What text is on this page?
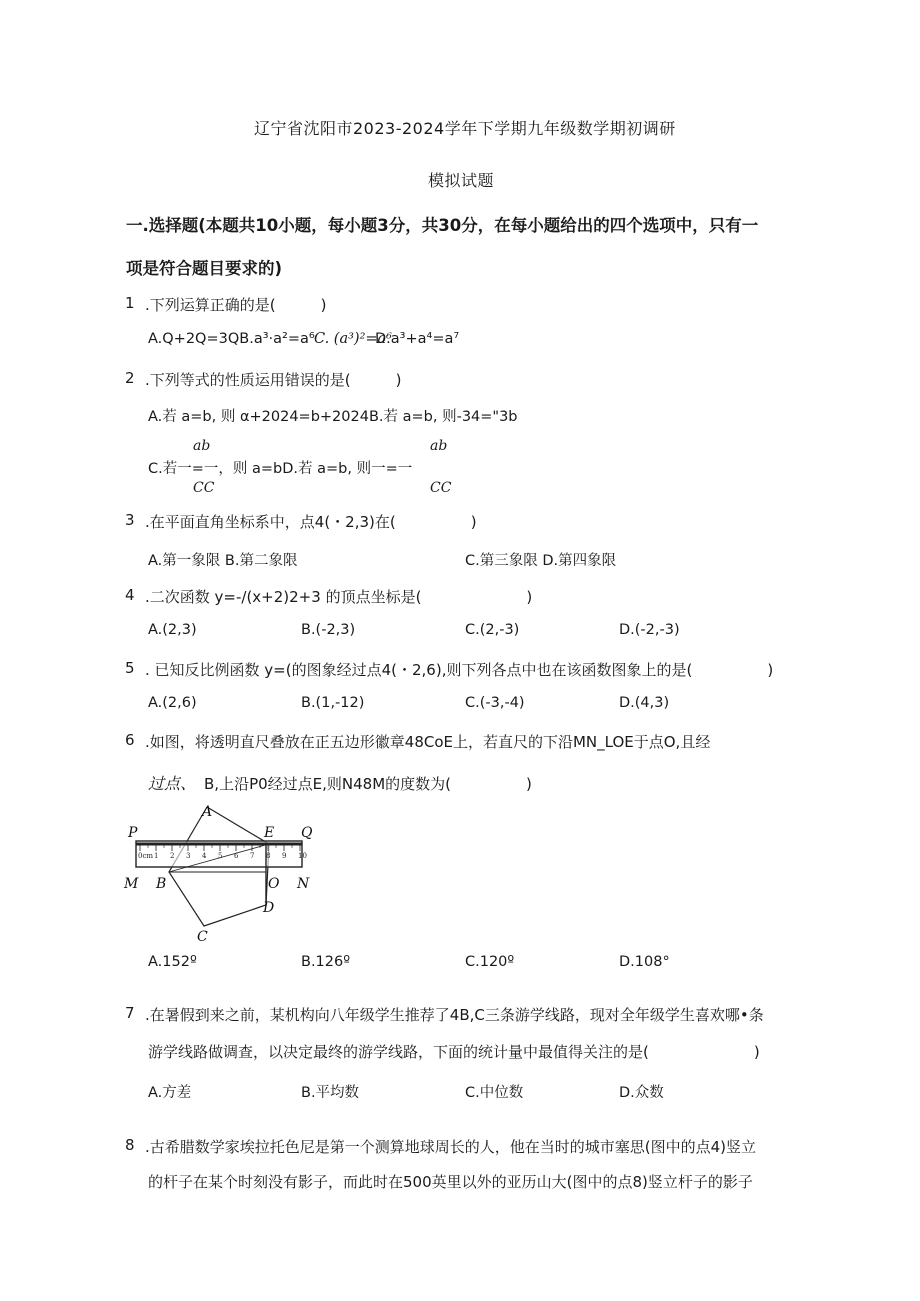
辽宁省沈阳市2023-2024学年下学期九年级数学期初调研
模拟试题
一.选择题(本题共10小题，每小题3分，共30分，在每小题给出的四个选项中，只有一
项是符合题目要求的)
1 .下列运算正确的是(　　　)
A.Q+2Q=3QB.a³·a²=a⁶ C. (a³)²=a⁶
D.a³+a⁴=a⁷
2 .下列等式的性质运用错误的是(　　　)
A.若 a=b, 则 α+2024=b+2024B.若 a=b, 则-34="3b
ab	ab
C.若一=一，则 a=bD.若 a=b, 则一=一
CC	CC
3 .在平面直角坐标系中，点4(・2,3)在(　　　　　)
A.第一象限 B.第二象限	C.第三象限 D.第四象限
4 .二次函数 y=-/(x+2)2+3 的顶点坐标是(　　　　　　　)
A.(2,3)	B.(-2,3)	C.(2,-3)	D.(-2,-3)
5 . 已知反比例函数 y=(的图象经过点4(・2,6),则下列各点中也在该函数图象上的是(　　　　　)
A.(2,6)	B.(1,-12)	C.(-3,-4)	D.(4,3)
6 .如图，将透明直尺叠放在正五边形徽章48CoE上，若直尺的下沿MN_LOE于点O,且经
过点、 B,上沿P0经过点E,则N48M的度数为(　　　　　)
0cm 1 2 3 4 5 6 7 8 9 10
P	Q
A
E
M B	O N
D
C
A.152º	B.126º	C.120º	D.108°
7 .在暑假到来之前，某机构向八年级学生推荐了4B,C三条游学线路，现对全年级学生喜欢哪•条
游学线路做调查，以决定最终的游学线路，下面的统计量中最值得关注的是(　　　　　　　)
A.方差	B.平均数	C.中位数	D.众数
8 .古希腊数学家埃拉托色尼是第一个测算地球周长的人，他在当时的城市塞思(图中的点4)竖立
的杆子在某个时刻没有影子，而此时在500英里以外的亚历山大(图中的点8)竖立杆子的影子
